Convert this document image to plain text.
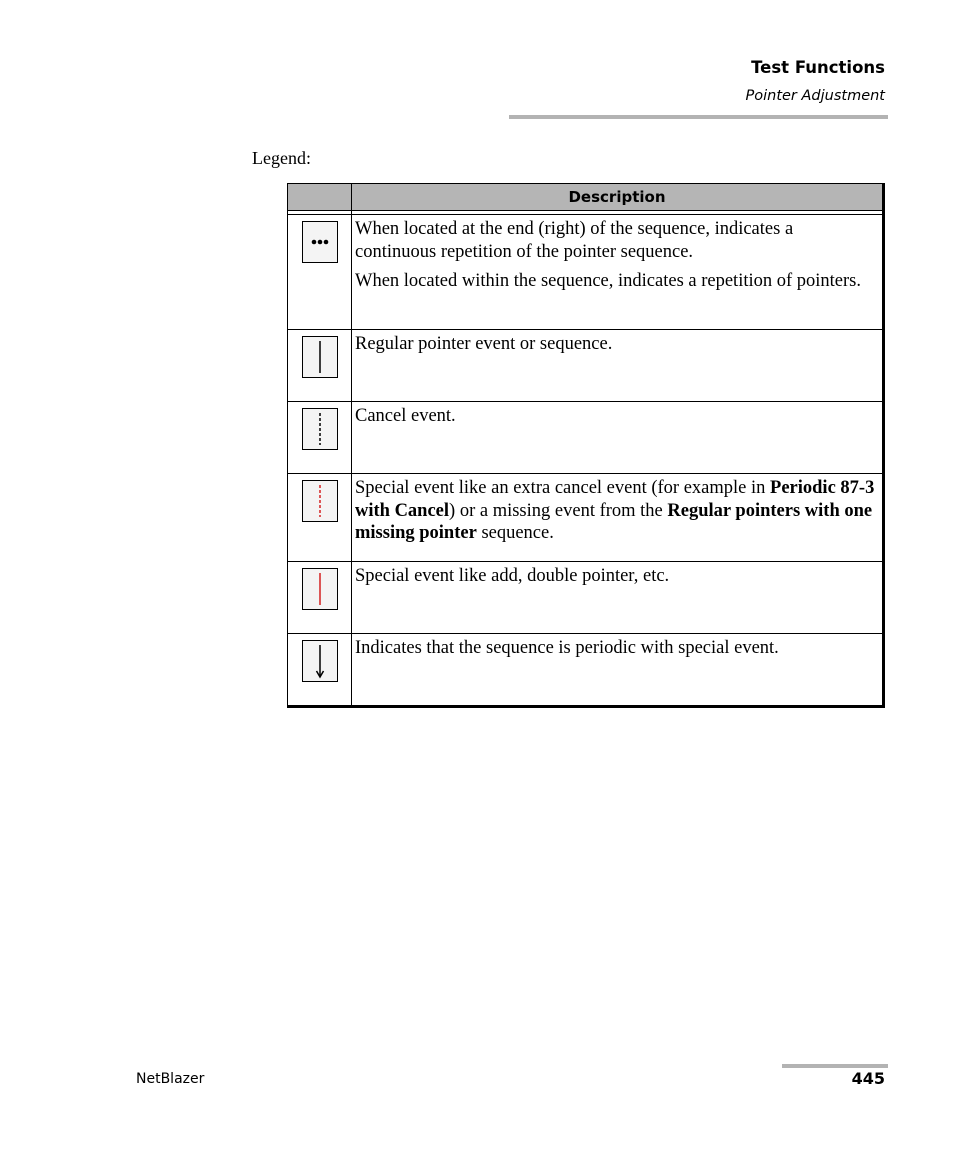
Test Functions
Pointer Adjustment
Legend:
	Description

When located at the end (right) of the sequence, indicates a continuous repetition of the pointer sequence.

When located within the sequence, indicates a repetition of pointers.

Regular pointer event or sequence.

Cancel event.

Special event like an extra cancel event (for example in Periodic 87-3 with Cancel) or a missing event from the Regular pointers with one missing pointer sequence.

Special event like add, double pointer, etc.

Indicates that the sequence is periodic with special event.

NetBlazer	445
